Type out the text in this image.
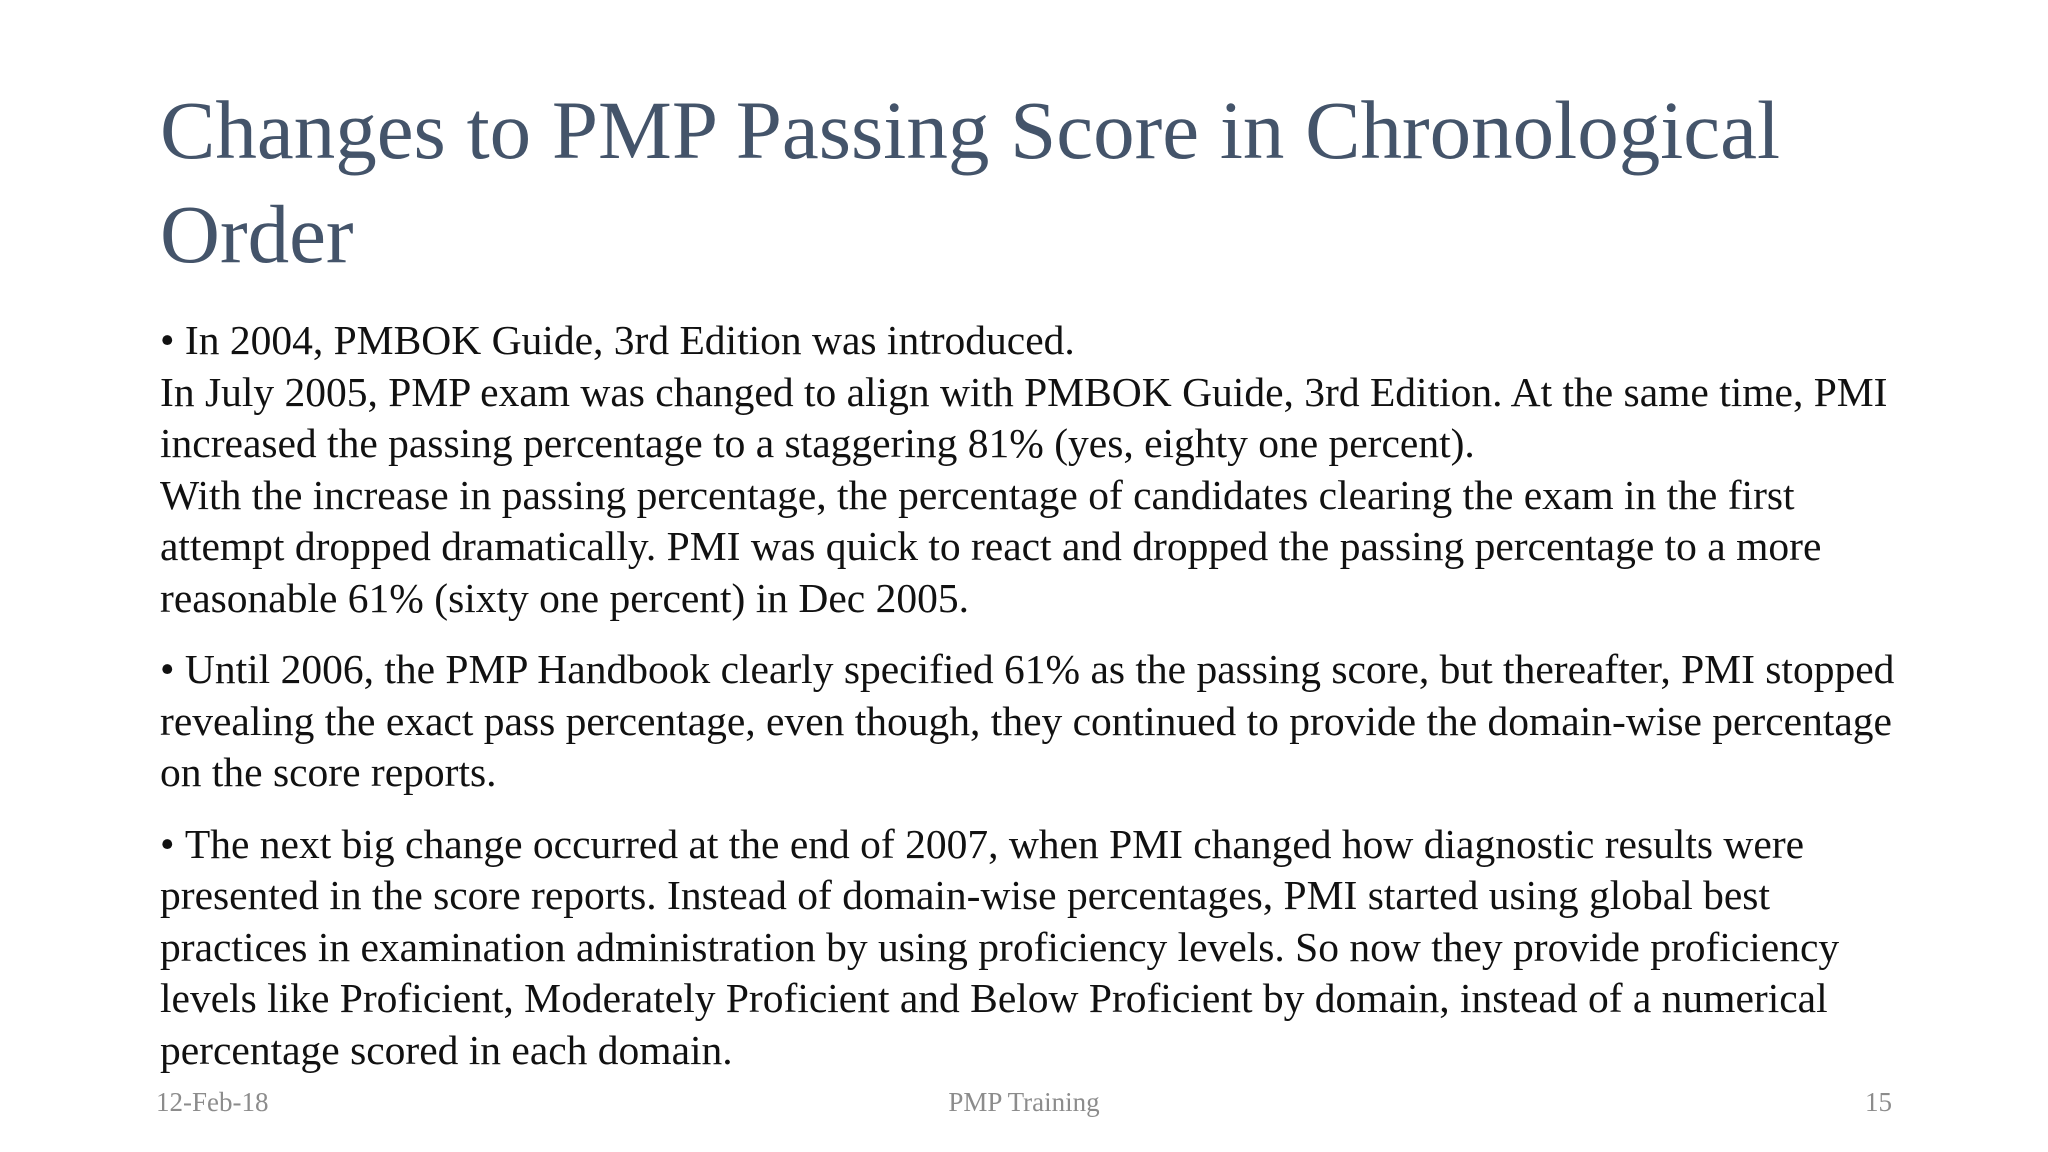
Changes to PMP Passing Score in Chronological Order

• In 2004, PMBOK Guide, 3rd Edition was introduced.

In July 2005, PMP exam was changed to align with PMBOK Guide, 3rd Edition. At the same time, PMI increased the passing percentage to a staggering 81% (yes, eighty one percent).

With the increase in passing percentage, the percentage of candidates clearing the exam in the first attempt dropped dramatically. PMI was quick to react and dropped the passing percentage to a more reasonable 61% (sixty one percent) in Dec 2005.

• Until 2006, the PMP Handbook clearly specified 61% as the passing score, but thereafter, PMI stopped revealing the exact pass percentage, even though, they continued to provide the domain-wise percentage on the score reports.

• The next big change occurred at the end of 2007, when PMI changed how diagnostic results were presented in the score reports. Instead of domain-wise percentages, PMI started using global best practices in examination administration by using proficiency levels. So now they provide proficiency levels like Proficient, Moderately Proficient and Below Proficient by domain, instead of a numerical percentage scored in each domain.

12-Feb-18	PMP Training	15
